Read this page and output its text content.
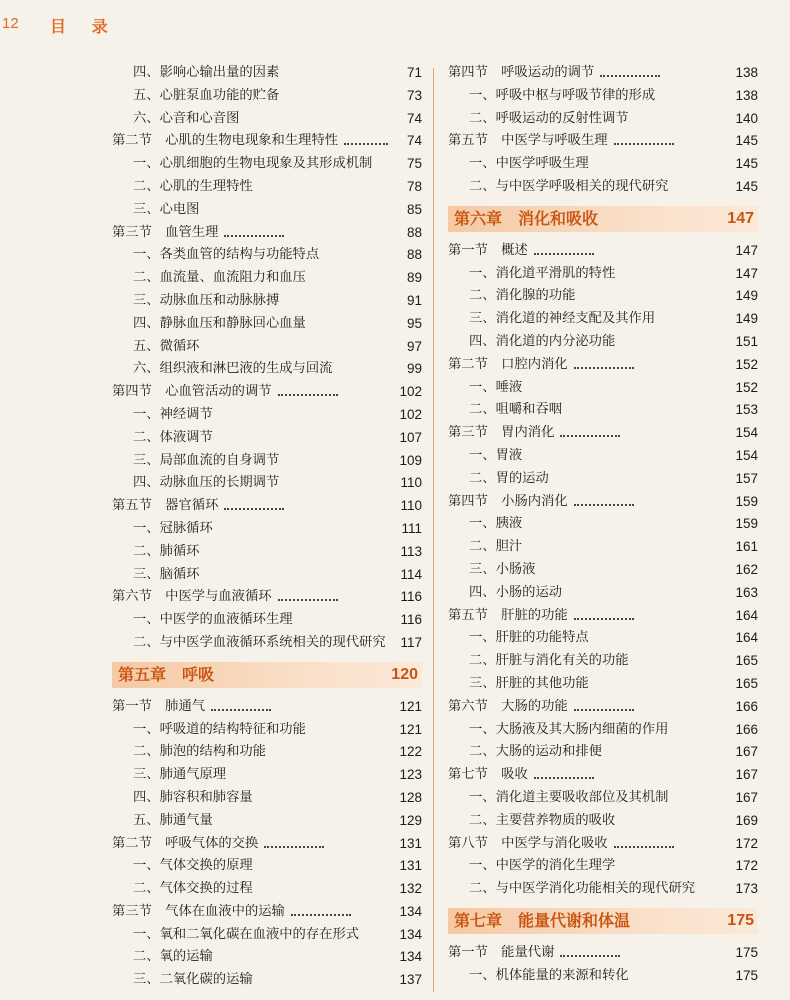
12 目 录
四、影响心输出量的因素	71
五、心脏泵血功能的贮备	73
六、心音和心音图	74
第二节　心肌的生物电现象和生理特性	74
一、心肌细胞的生物电现象及其形成机制	75
二、心肌的生理特性	78
三、心电图	85
第三节　血管生理	88
一、各类血管的结构与功能特点	88
二、血流量、血流阻力和血压	89
三、动脉血压和动脉脉搏	91
四、静脉血压和静脉回心血量	95
五、微循环	97
六、组织液和淋巴液的生成与回流	99
第四节　心血管活动的调节	102
一、神经调节	102
二、体液调节	107
三、局部血流的自身调节	109
四、动脉血压的长期调节	110
第五节　器官循环	110
一、冠脉循环	111
二、肺循环	113
三、脑循环	114
第六节　中医学与血液循环	116
一、中医学的血液循环生理	116
二、与中医学血液循环系统相关的现代研究 117
第五章　呼吸	120
第一节　肺通气	121
一、呼吸道的结构特征和功能	121
二、肺泡的结构和功能	122
三、肺通气原理	123
四、肺容积和肺容量	128
五、肺通气量	129
第二节　呼吸气体的交换	131
一、气体交换的原理	131
二、气体交换的过程	132
第三节　气体在血液中的运输	134
一、氧和二氧化碳在血液中的存在形式	134
二、氧的运输	134
三、二氧化碳的运输	137
第四节　呼吸运动的调节	138
一、呼吸中枢与呼吸节律的形成	138
二、呼吸运动的反射性调节	140
第五节　中医学与呼吸生理	145
一、中医学呼吸生理	145
二、与中医学呼吸相关的现代研究	145
第六章　消化和吸收	147
第一节　概述	147
一、消化道平滑肌的特性	147
二、消化腺的功能	149
三、消化道的神经支配及其作用	149
四、消化道的内分泌功能	151
第二节　口腔内消化	152
一、唾液	152
二、咀嚼和吞咽	153
第三节　胃内消化	154
一、胃液	154
二、胃的运动	157
第四节　小肠内消化	159
一、胰液	159
二、胆汁	161
三、小肠液	162
四、小肠的运动	163
第五节　肝脏的功能	164
一、肝脏的功能特点	164
二、肝脏与消化有关的功能	165
三、肝脏的其他功能	165
第六节　大肠的功能	166
一、大肠液及其大肠内细菌的作用	166
二、大肠的运动和排便	167
第七节　吸收	167
一、消化道主要吸收部位及其机制	167
二、主要营养物质的吸收	169
第八节　中医学与消化吸收	172
一、中医学的消化生理学	172
二、与中医学消化功能相关的现代研究	173
第七章　能量代谢和体温	175
第一节　能量代谢	175
一、机体能量的来源和转化	175
